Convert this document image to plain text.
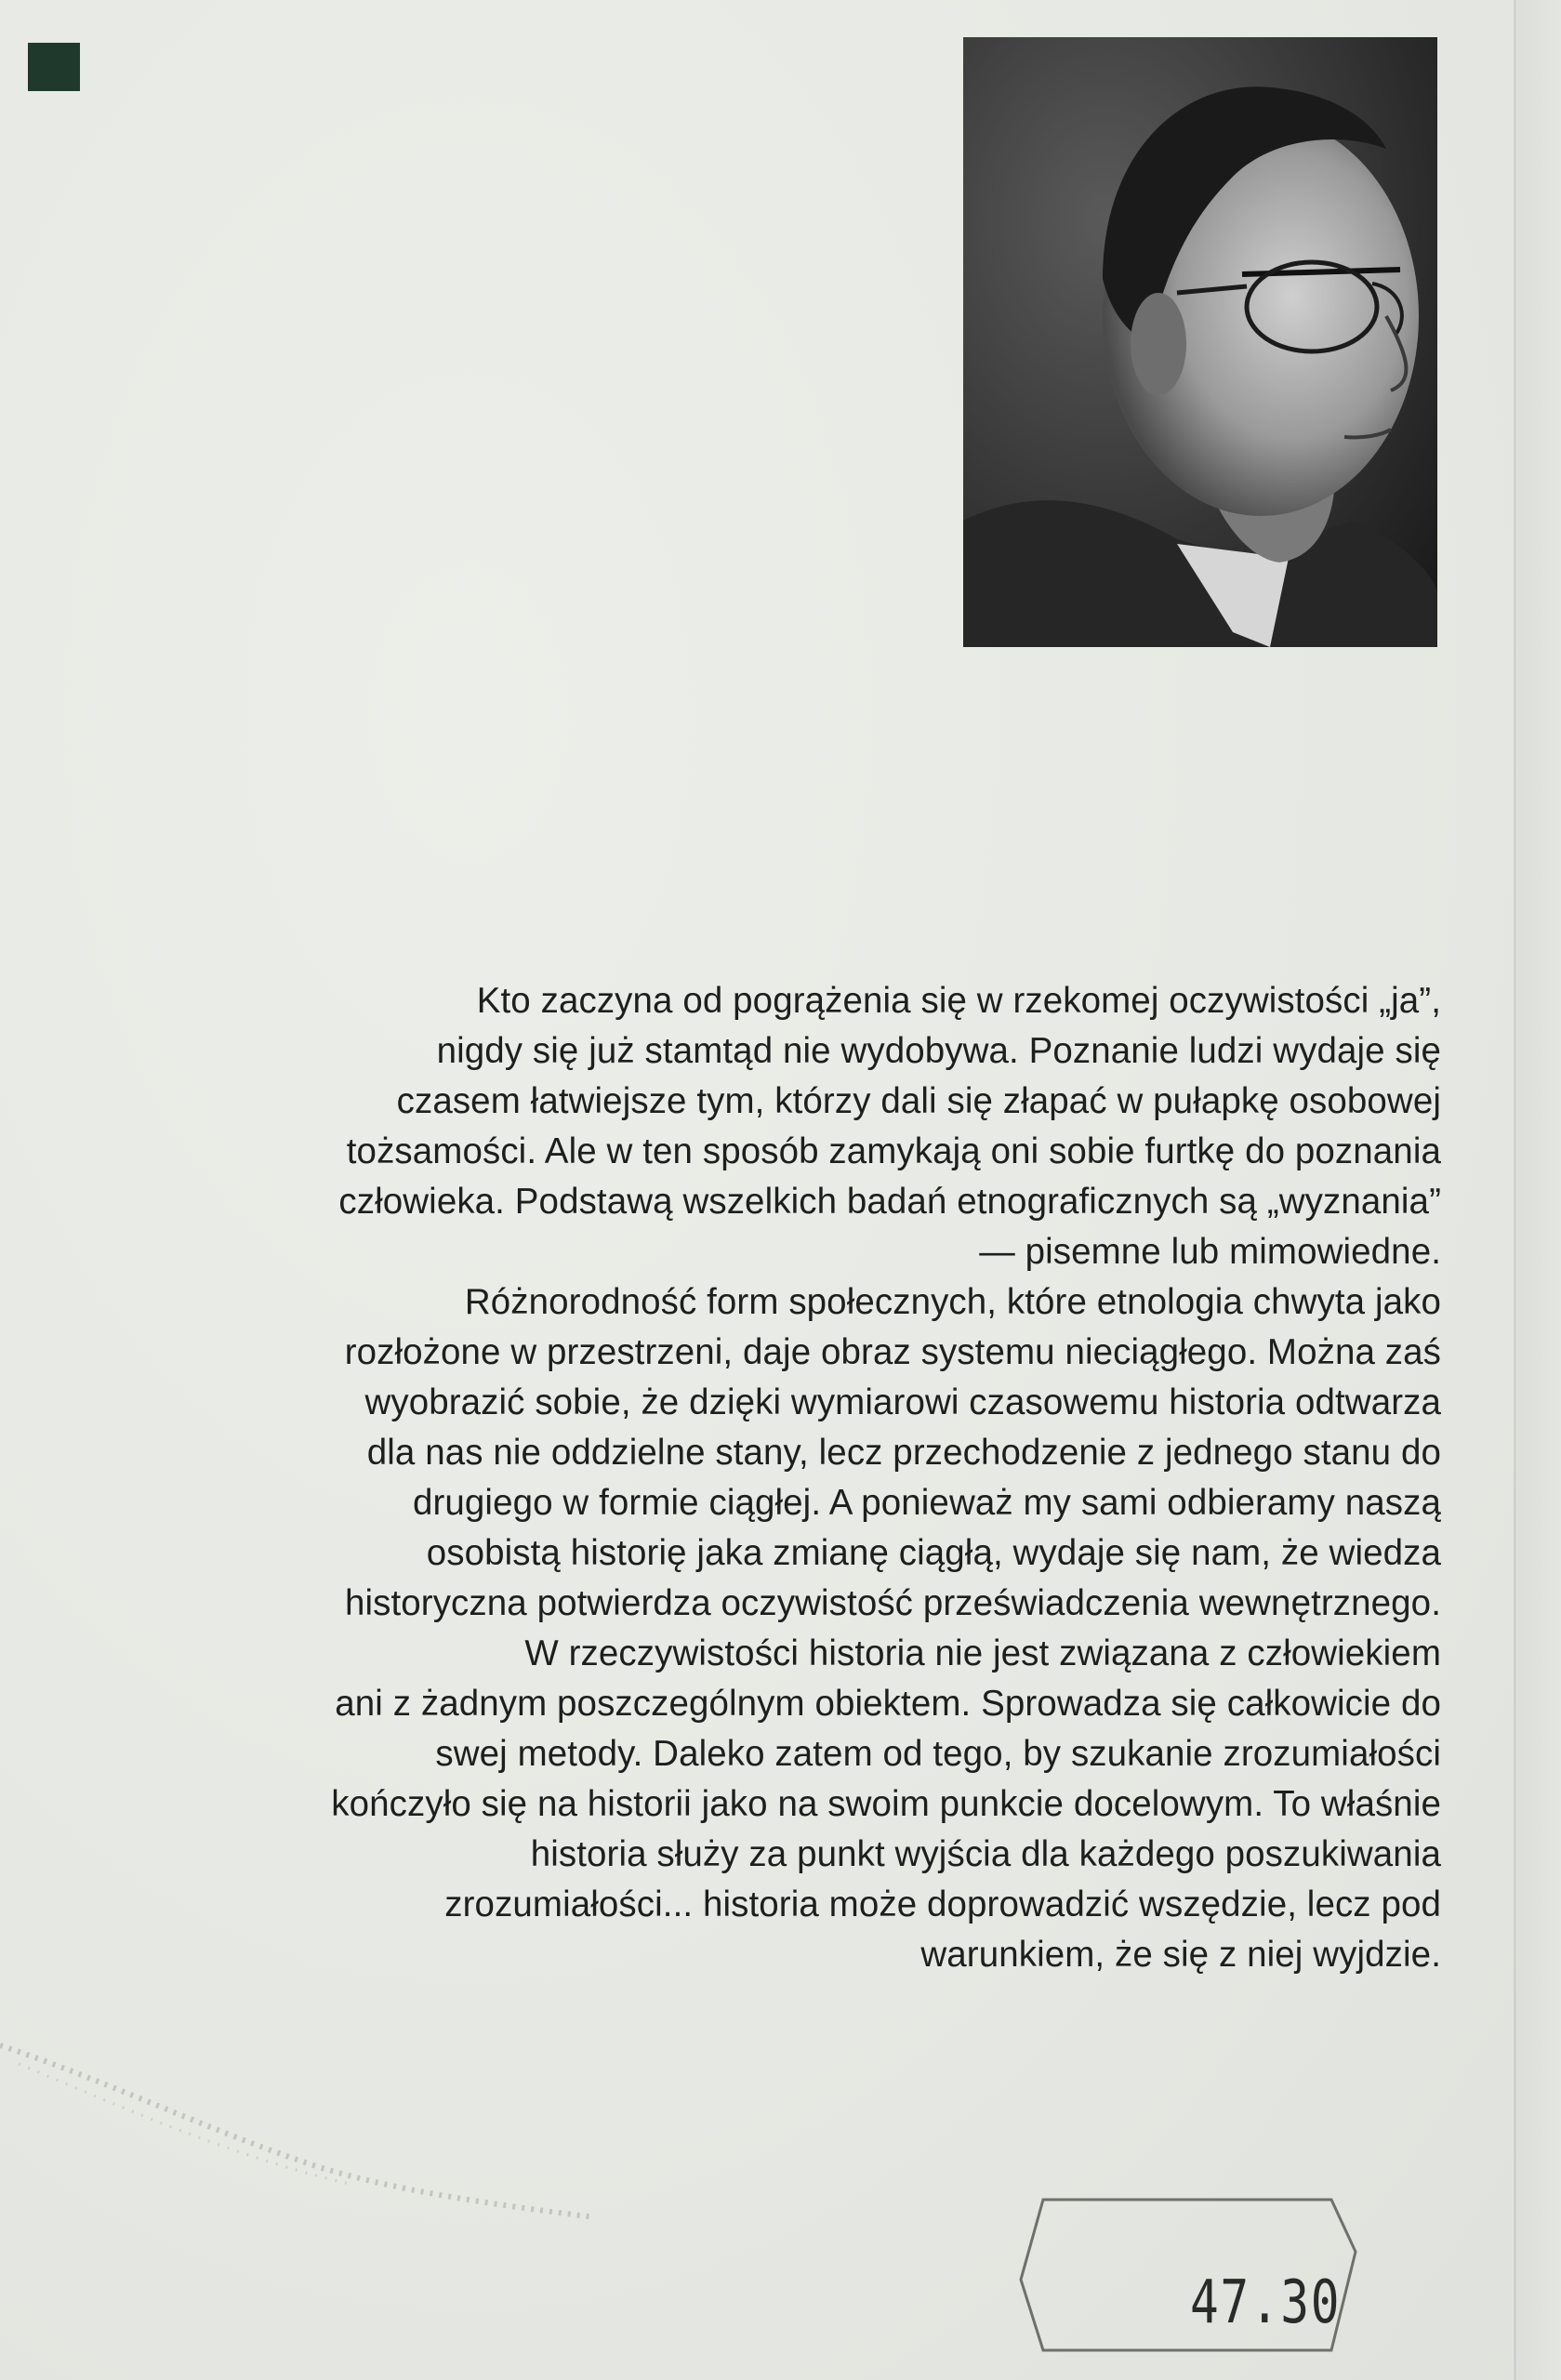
Kto zaczyna od pogrążenia się w rzekomej oczywistości „ja”,
nigdy się już stamtąd nie wydobywa. Poznanie ludzi wydaje się
czasem łatwiejsze tym, którzy dali się złapać w pułapkę osobowej
tożsamości. Ale w ten sposób zamykają oni sobie furtkę do poznania
człowieka. Podstawą wszelkich badań etnograficznych są „wyznania”
— pisemne lub mimowiedne.
Różnorodność form społecznych, które etnologia chwyta jako
rozłożone w przestrzeni, daje obraz systemu nieciągłego. Można zaś
wyobrazić sobie, że dzięki wymiarowi czasowemu historia odtwarza
dla nas nie oddzielne stany, lecz przechodzenie z jednego stanu do
drugiego w formie ciągłej. A ponieważ my sami odbieramy naszą
osobistą historię jaka zmianę ciągłą, wydaje się nam, że wiedza
historyczna potwierdza oczywistość przeświadczenia wewnętrznego.
W rzeczywistości historia nie jest związana z człowiekiem
ani z żadnym poszczególnym obiektem. Sprowadza się całkowicie do
swej metody. Daleko zatem od tego, by szukanie zrozumiałości
kończyło się na historii jako na swoim punkcie docelowym. To właśnie
historia służy za punkt wyjścia dla każdego poszukiwania
zrozumiałości... historia może doprowadzić wszędzie, lecz pod
warunkiem, że się z niej wyjdzie.
47.30
